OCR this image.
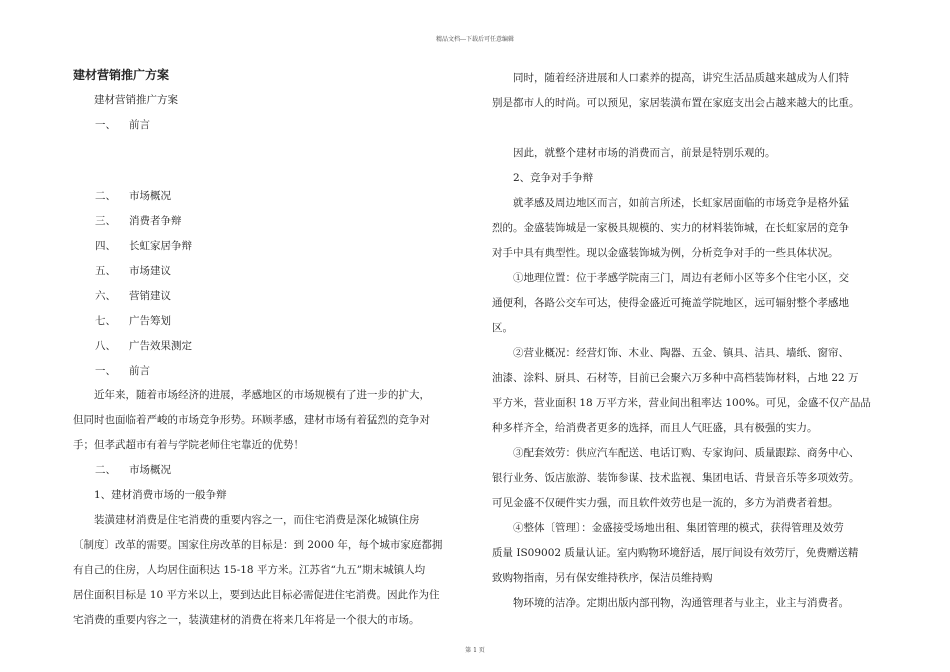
精品文档---下载后可任意编辑
建材营销推广方案
建材营销推广方案
一、 前言
二、 市场概况
三、 消费者争辩
四、 长虹家居争辩
五、 市场建议
六、 营销建议
七、 广告筹划
八、 广告效果测定
一、 前言
近年来，随着市场经济的进展，孝感地区的市场规模有了进一步的扩大，
但同时也面临着严峻的市场竞争形势。环顾孝感，建材市场有着猛烈的竞争对
手；但孝武超市有着与学院老师住宅靠近的优势！
二、 市场概况
1、建材消费市场的一般争辩
装潢建材消费是住宅消费的重要内容之一，而住宅消费是深化城镇住房
〔制度〕改革的需要。国家住房改革的目标是：到 2000 年，每个城市家庭都拥
有自己的住房，人均居住面积达 15-18 平方米。江苏省“九五”期末城镇人均
居住面积目标是 10 平方米以上，要到达此目标必需促进住宅消费。因此作为住
宅消费的重要内容之一，装潢建材的消费在将来几年将是一个很大的市场。
同时，随着经济进展和人口素养的提高，讲究生活品质越来越成为人们特
别是都市人的时尚。可以预见，家居装潢布置在家庭支出会占越来越大的比重。
因此，就整个建材市场的消费而言，前景是特别乐观的。
2、竞争对手争辩
就孝感及周边地区而言，如前言所述，长虹家居面临的市场竞争是格外猛
烈的。金盛装饰城是一家极具规模的、实力的材料装饰城，在长虹家居的竞争
对手中具有典型性。现以金盛装饰城为例，分析竞争对手的一些具体状况。
①地理位置：位于孝感学院南三门，周边有老师小区等多个住宅小区，交
通便利，各路公交车可达，使得金盛近可掩盖学院地区，远可辐射整个孝感地
区。
②营业概况：经营灯饰、木业、陶器、五金、镇具、洁具、墙纸、窗帘、
油漆、涂料、厨具、石材等，目前已会聚六万多种中高档装饰材料，占地 22 万
平方米，营业面积 18 万平方米，营业间出租率达 100%。可见，金盛不仅产品品
种多样齐全，给消费者更多的选择，而且人气旺盛，具有极强的实力。
③配套效劳：供应汽车配送、电话订购、专家询问、质量跟踪、商务中心、
银行业务、饭店旅游、装饰参谋、技术监视、集团电话、背景音乐等多项效劳。
可见金盛不仅硬件实力强，而且软件效劳也是一流的，多方为消费者着想。
④整体〔管理〕：金盛接受场地出租、集团管理的模式，获得管理及效劳
质量 IS09002 质量认证。室内购物环境舒适，展厅间设有效劳厅，免费赠送精
致购物指南，另有保安维持秩序，保洁员维持购
物环境的洁净。定期出版内部刊物，沟通管理者与业主，业主与消费者。
第 1 页
